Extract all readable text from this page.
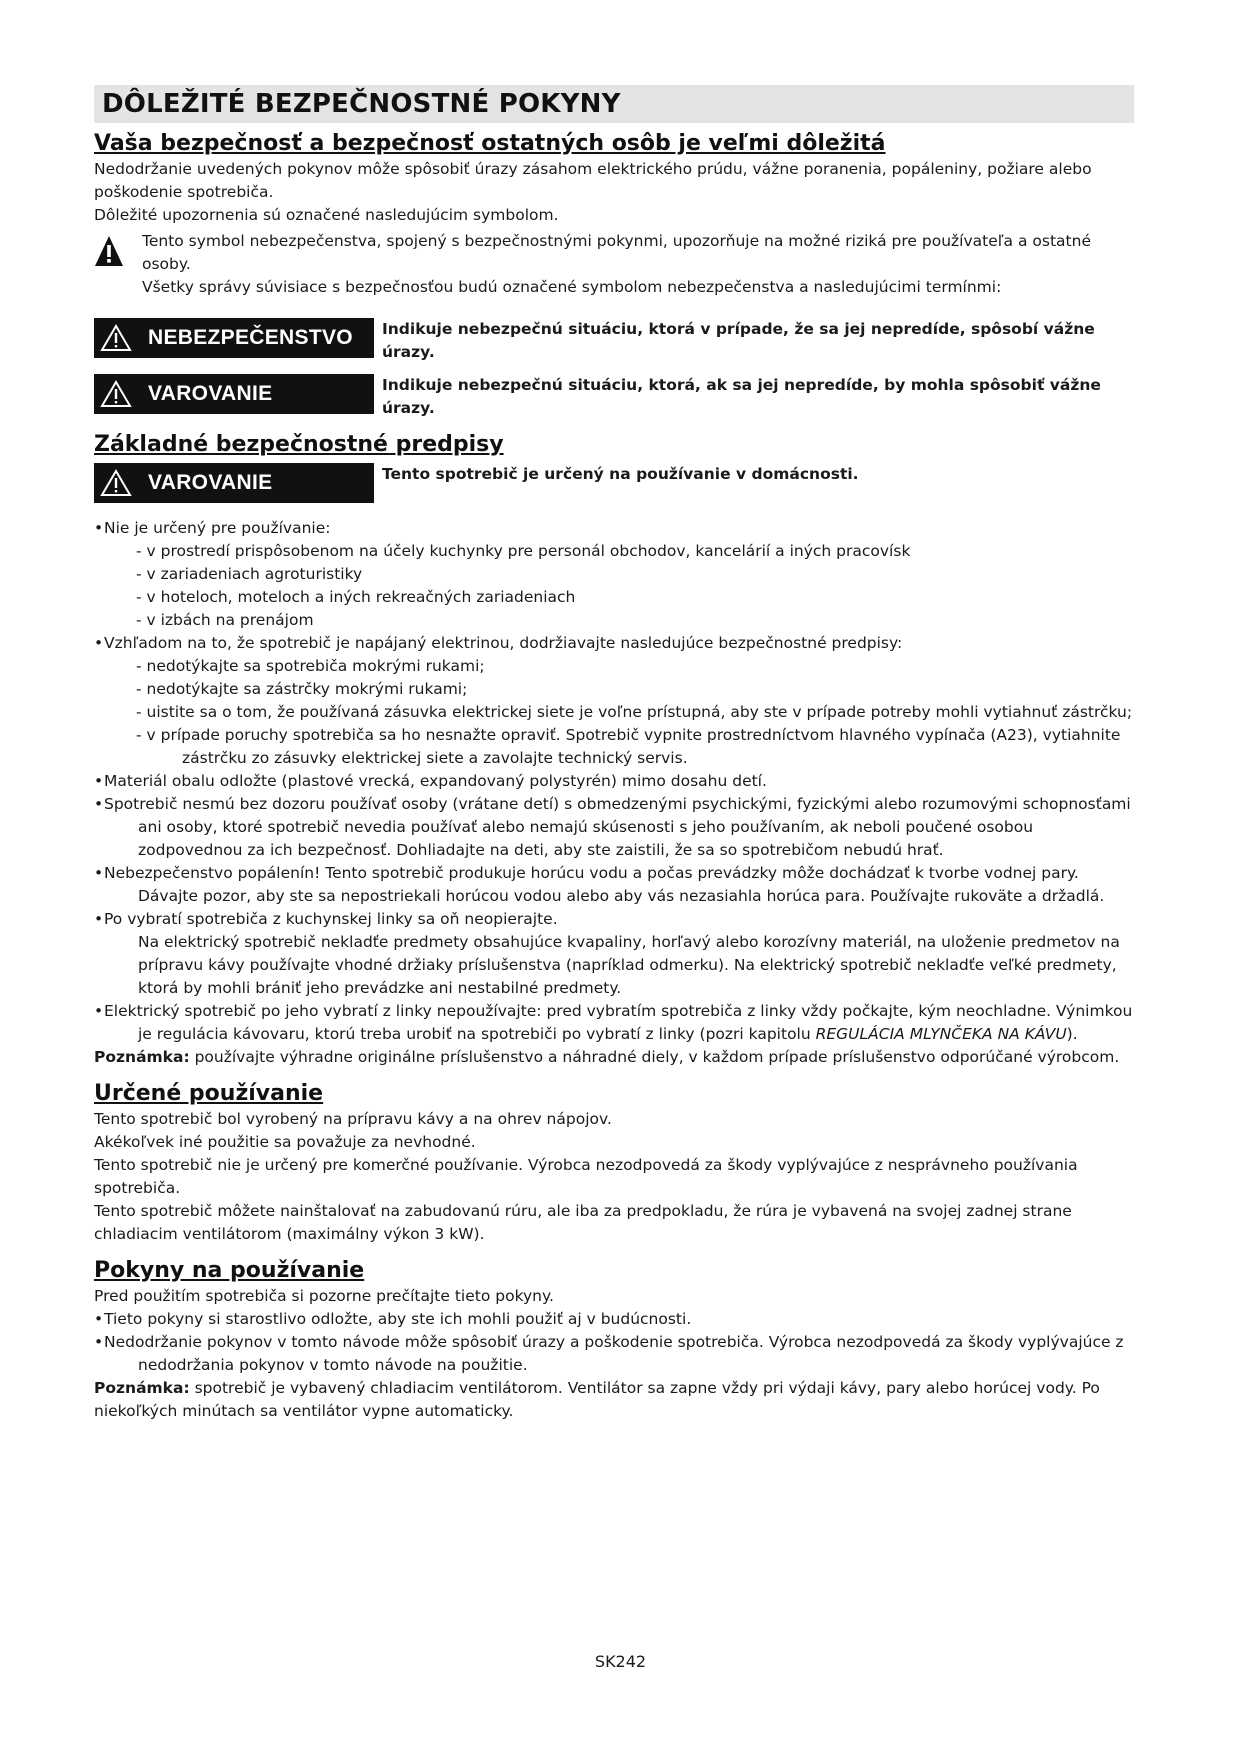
DÔLEŽITÉ BEZPEČNOSTNÉ POKYNY
Vaša bezpečnosť a bezpečnosť ostatných osôb je veľmi dôležitá

Nedodržanie uvedených pokynov môže spôsobiť úrazy zásahom elektrického prúdu, vážne poranenia, popáleniny, požiare alebo poškodenie spotrebiča.

Dôležité upozornenia sú označené nasledujúcim symbolom.

Tento symbol nebezpečenstva, spojený s bezpečnostnými pokynmi, upozorňuje na možné riziká pre používateľa a ostatné osoby.

Všetky správy súvisiace s bezpečnosťou budú označené symbolom nebezpečenstva a nasledujúcimi termínmi:

NEBEZPEČENSTVO Indikuje nebezpečnú situáciu, ktorá v prípade, že sa jej nepredíde, spôsobí vážne úrazy.
VAROVANIE	Indikuje nebezpečnú situáciu, ktorá, ak sa jej nepredíde, by mohla spôsobiť vážne úrazy.
Základné bezpečnostné predpisy
VAROVANIE	Tento spotrebič je určený na používanie v domácnosti.
• Nie je určený pre používanie:
- v prostredí prispôsobenom na účely kuchynky pre personál obchodov, kancelárií a iných pracovísk
- v zariadeniach agroturistiky
- v hoteloch, moteloch a iných rekreačných zariadeniach
- v izbách na prenájom
• Vzhľadom na to, že spotrebič je napájaný elektrinou, dodržiavajte nasledujúce bezpečnostné predpisy:
- nedotýkajte sa spotrebiča mokrými rukami;
- nedotýkajte sa zástrčky mokrými rukami;
- uistite sa o tom, že používaná zásuvka elektrickej siete je voľne prístupná, aby ste v prípade potreby mohli vytiahnuť zástrčku;
- v prípade poruchy spotrebiča sa ho nesnažte opraviť. Spotrebič vypnite prostredníctvom hlavného vypínača (A23), vytiahnite zástrčku zo zásuvky elektrickej siete a zavolajte technický servis.
• Materiál obalu odložte (plastové vrecká, expandovaný polystyrén) mimo dosahu detí.
• Spotrebič nesmú bez dozoru používať osoby (vrátane detí) s obmedzenými psychickými, fyzickými alebo rozumovými schopnosťami ani osoby, ktoré spotrebič nevedia používať alebo nemajú skúsenosti s jeho používaním, ak neboli poučené osobou zodpovednou za ich bezpečnosť. Dohliadajte na deti, aby ste zaistili, že sa so spotrebičom nebudú hrať.
• Nebezpečenstvo popálenín! Tento spotrebič produkuje horúcu vodu a počas prevádzky môže dochádzať k tvorbe vodnej pary. Dávajte pozor, aby ste sa nepostriekali horúcou vodou alebo aby vás nezasiahla horúca para. Používajte rukoväte a držadlá.
• Po vybratí spotrebiča z kuchynskej linky sa oň neopierajte.
Na elektrický spotrebič nekladťe predmety obsahujúce kvapaliny, horľavý alebo korozívny materiál, na uloženie predmetov na prípravu kávy používajte vhodné držiaky príslušenstva (napríklad odmerku). Na elektrický spotrebič nekladťe veľké predmety, ktorá by mohli brániť jeho prevádzke ani nestabilné predmety.
• Elektrický spotrebič po jeho vybratí z linky nepoužívajte: pred vybratím spotrebiča z linky vždy počkajte, kým neochladne. Výnimkou je regulácia kávovaru, ktorú treba urobiť na spotrebiči po vybratí z linky (pozri kapitolu REGULÁCIA MLYNČEKA NA KÁVU).

Poznámka: používajte výhradne originálne príslušenstvo a náhradné diely, v každom prípade príslušenstvo odporúčané výrobcom.

Určené používanie

Tento spotrebič bol vyrobený na prípravu kávy a na ohrev nápojov.

Akékoľvek iné použitie sa považuje za nevhodné.

Tento spotrebič nie je určený pre komerčné používanie. Výrobca nezodpovedá za škody vyplývajúce z nesprávneho používania spotrebiča.

Tento spotrebič môžete nainštalovať na zabudovanú rúru, ale iba za predpokladu, že rúra je vybavená na svojej zadnej strane chladiacim ventilátorom (maximálny výkon 3 kW).

Pokyny na používanie

Pred použitím spotrebiča si pozorne prečítajte tieto pokyny.

• Tieto pokyny si starostlivo odložte, aby ste ich mohli použiť aj v budúcnosti.
• Nedodržanie pokynov v tomto návode môže spôsobiť úrazy a poškodenie spotrebiča. Výrobca nezodpovedá za škody vyplývajúce z nedodržania pokynov v tomto návode na použitie.

Poznámka: spotrebič je vybavený chladiacim ventilátorom. Ventilátor sa zapne vždy pri výdaji kávy, pary alebo horúcej vody. Po niekoľkých minútach sa ventilátor vypne automaticky.

SK242
